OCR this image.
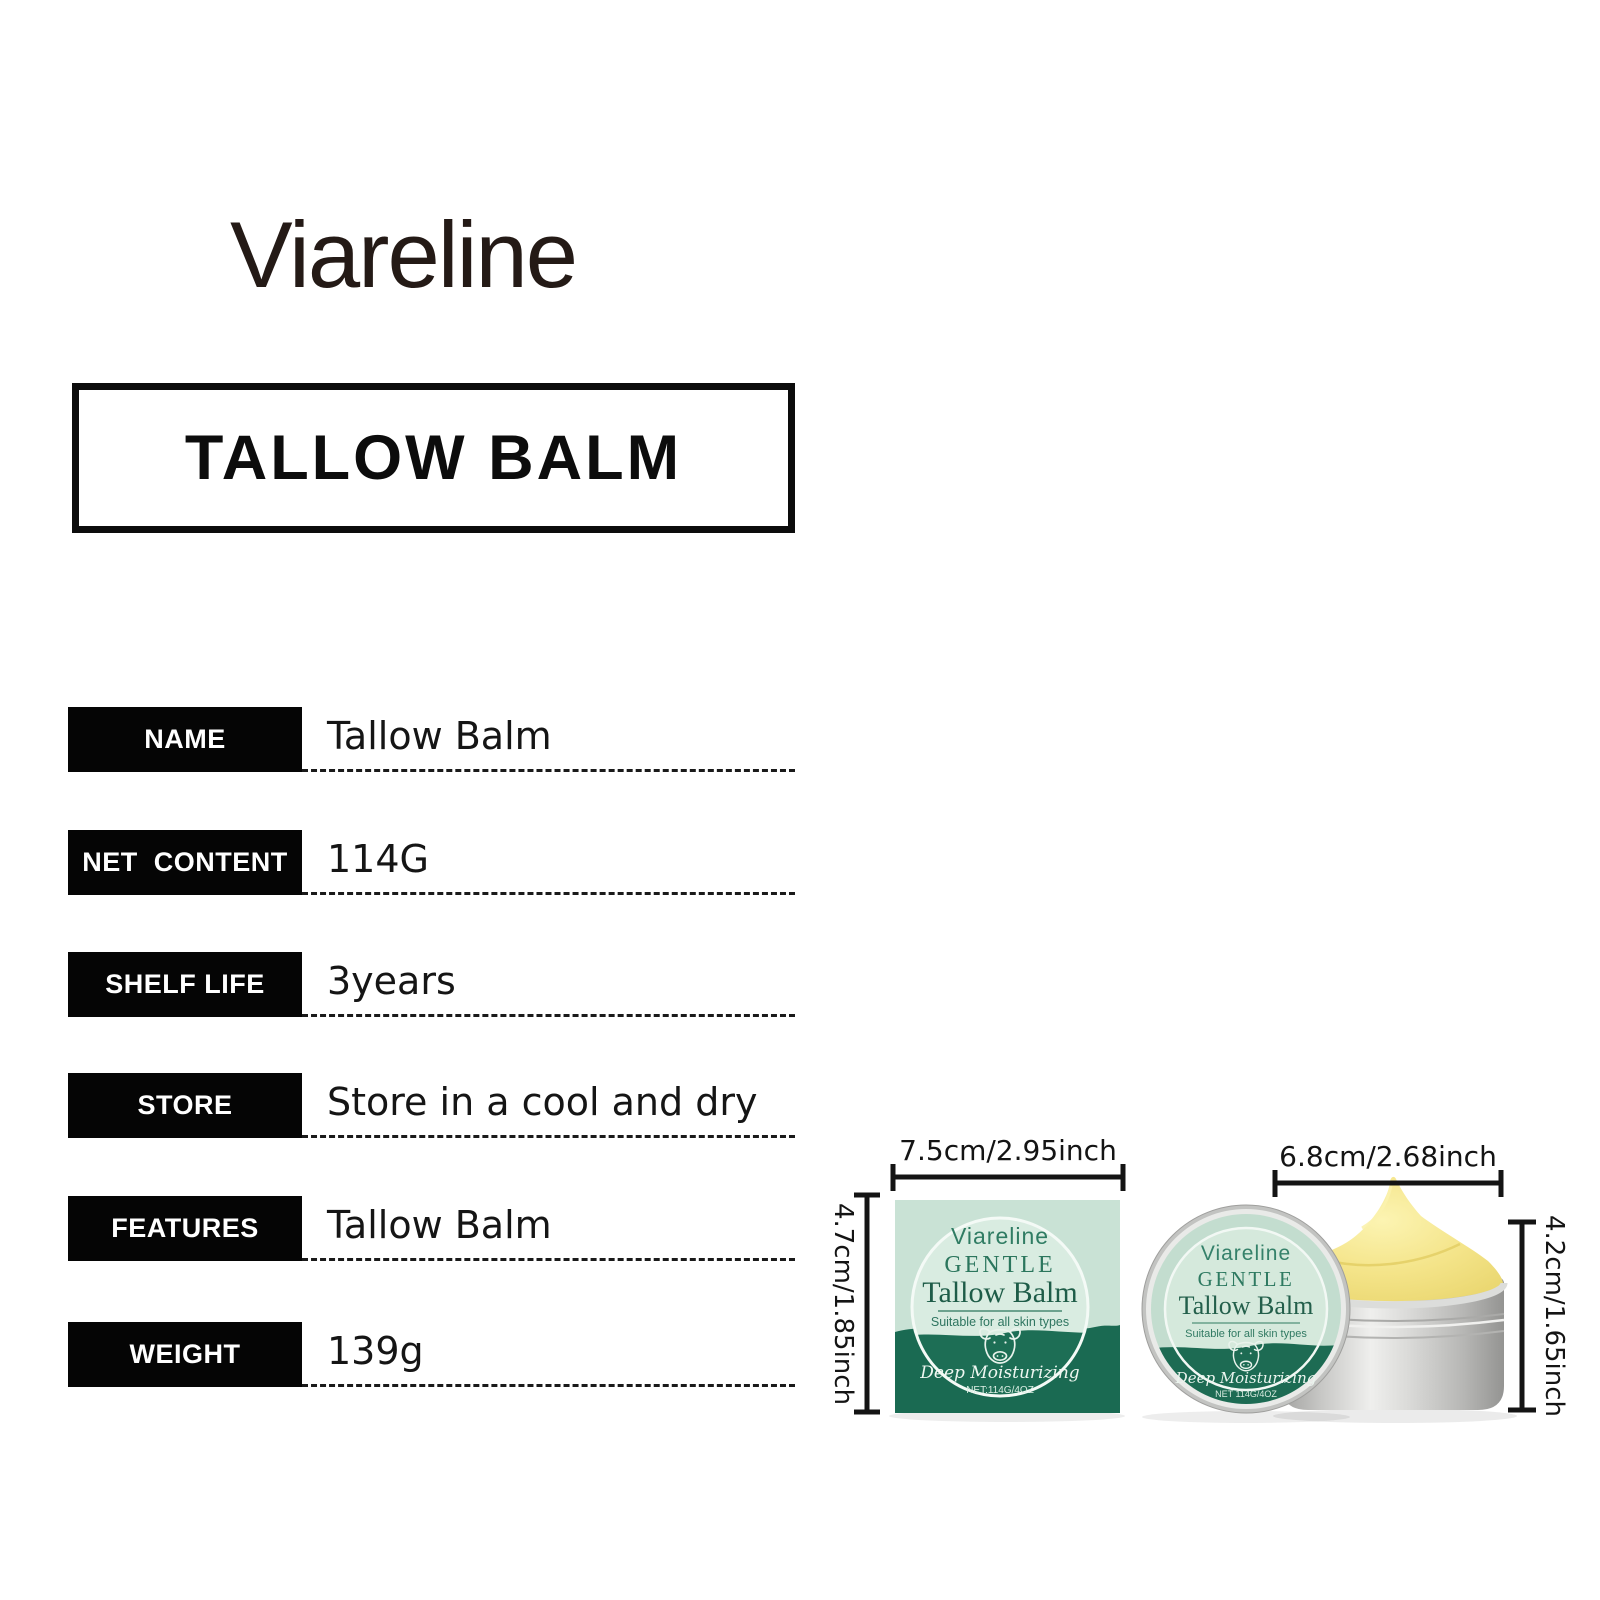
Viareline
TALLOW BALM
NAME	Tallow Balm
NET  CONTENT 114G
SHELF LIFE 3years
STORE Store in a cool and dry
FEATURES Tallow Balm
WEIGHT 139g
Viareline
GENTLE
Tallow Balm
Suitable for all skin types
Deep Moisturizing
NET:114G/4OZ
7.5cm/2.95inch
4.7cm/1.85inch
6.8cm/2.68inch
4.2cm/1.65inch
Viareline
GENTLE
Tallow Balm
Suitable for all skin types
Deep Moisturizing
NET 114G/4OZ
